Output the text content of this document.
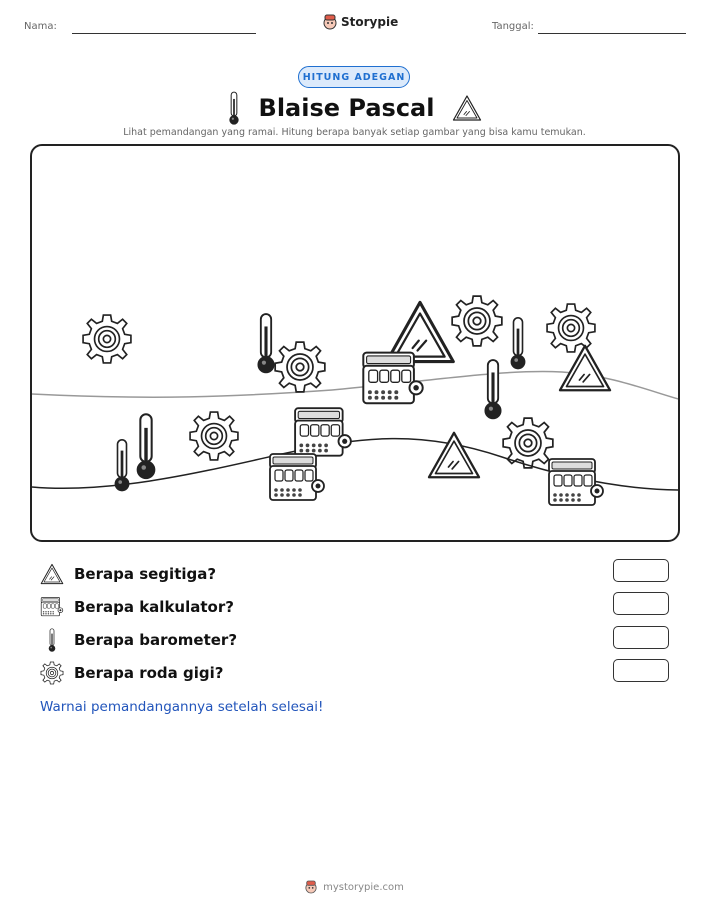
Nama:	Storypie	Tanggal:
HITUNG ADEGAN
Blaise Pascal
Lihat pemandangan yang ramai. Hitung berapa banyak setiap gambar yang bisa kamu temukan.
Berapa segitiga?
Berapa kalkulator?
Berapa barometer?
Berapa roda gigi?
Warnai pemandangannya setelah selesai!
mystorypie.com
